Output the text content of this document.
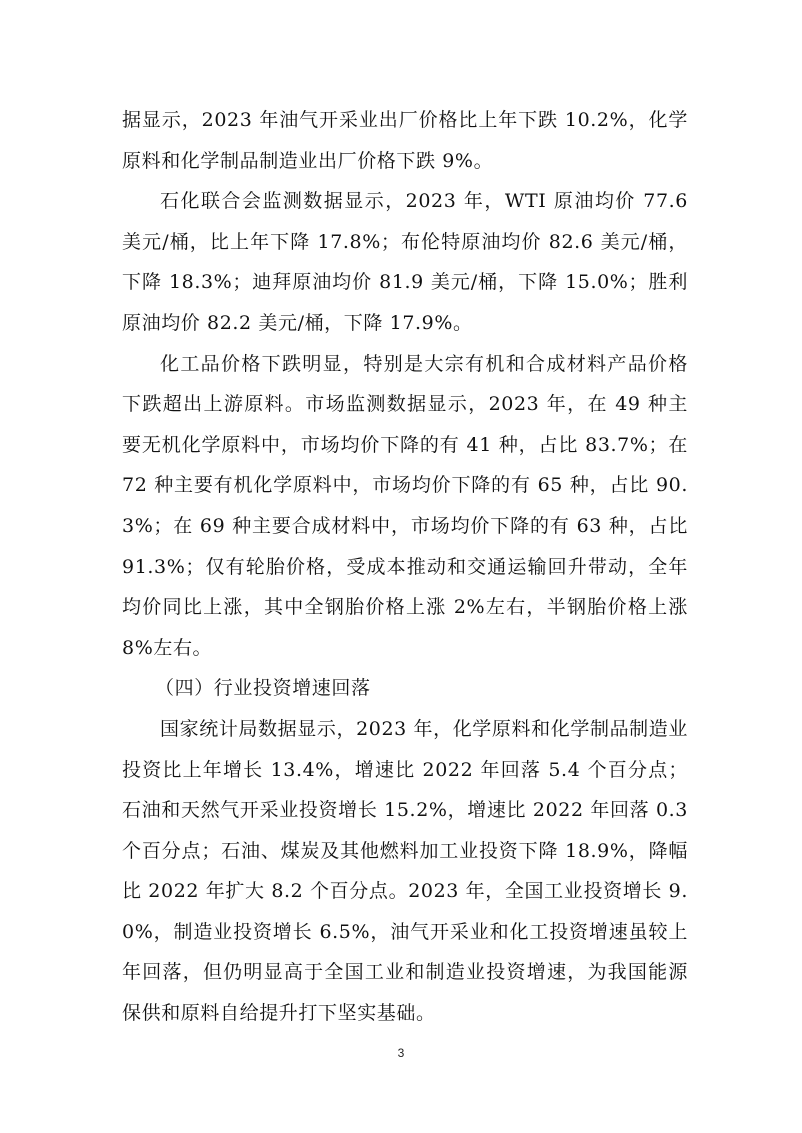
据显示，2023 年油气开采业出厂价格比上年下跌 10.2%，化学原料和化学制品制造业出厂价格下跌 9%。

石化联合会监测数据显示，2023 年，WTI 原油均价 77.6 美元/桶，比上年下降 17.8%；布伦特原油均价 82.6 美元/桶，下降 18.3%；迪拜原油均价 81.9 美元/桶，下降 15.0%；胜利原油均价 82.2 美元/桶，下降 17.9%。

化工品价格下跌明显，特别是大宗有机和合成材料产品价格下跌超出上游原料。市场监测数据显示，2023 年，在 49 种主要无机化学原料中，市场均价下降的有 41 种，占比 83.7%；在 72 种主要有机化学原料中，市场均价下降的有 65 种，占比 90.3%；在 69 种主要合成材料中，市场均价下降的有 63 种，占比 91.3%；仅有轮胎价格，受成本推动和交通运输回升带动，全年均价同比上涨，其中全钢胎价格上涨 2%左右，半钢胎价格上涨 8%左右。

（四）行业投资增速回落

国家统计局数据显示，2023 年，化学原料和化学制品制造业投资比上年增长 13.4%，增速比 2022 年回落 5.4 个百分点；石油和天然气开采业投资增长 15.2%，增速比 2022 年回落 0.3 个百分点；石油、煤炭及其他燃料加工业投资下降 18.9%，降幅比 2022 年扩大 8.2 个百分点。2023 年，全国工业投资增长 9.0%，制造业投资增长 6.5%，油气开采业和化工投资增速虽较上年回落，但仍明显高于全国工业和制造业投资增速，为我国能源保供和原料自给提升打下坚实基础。

3
